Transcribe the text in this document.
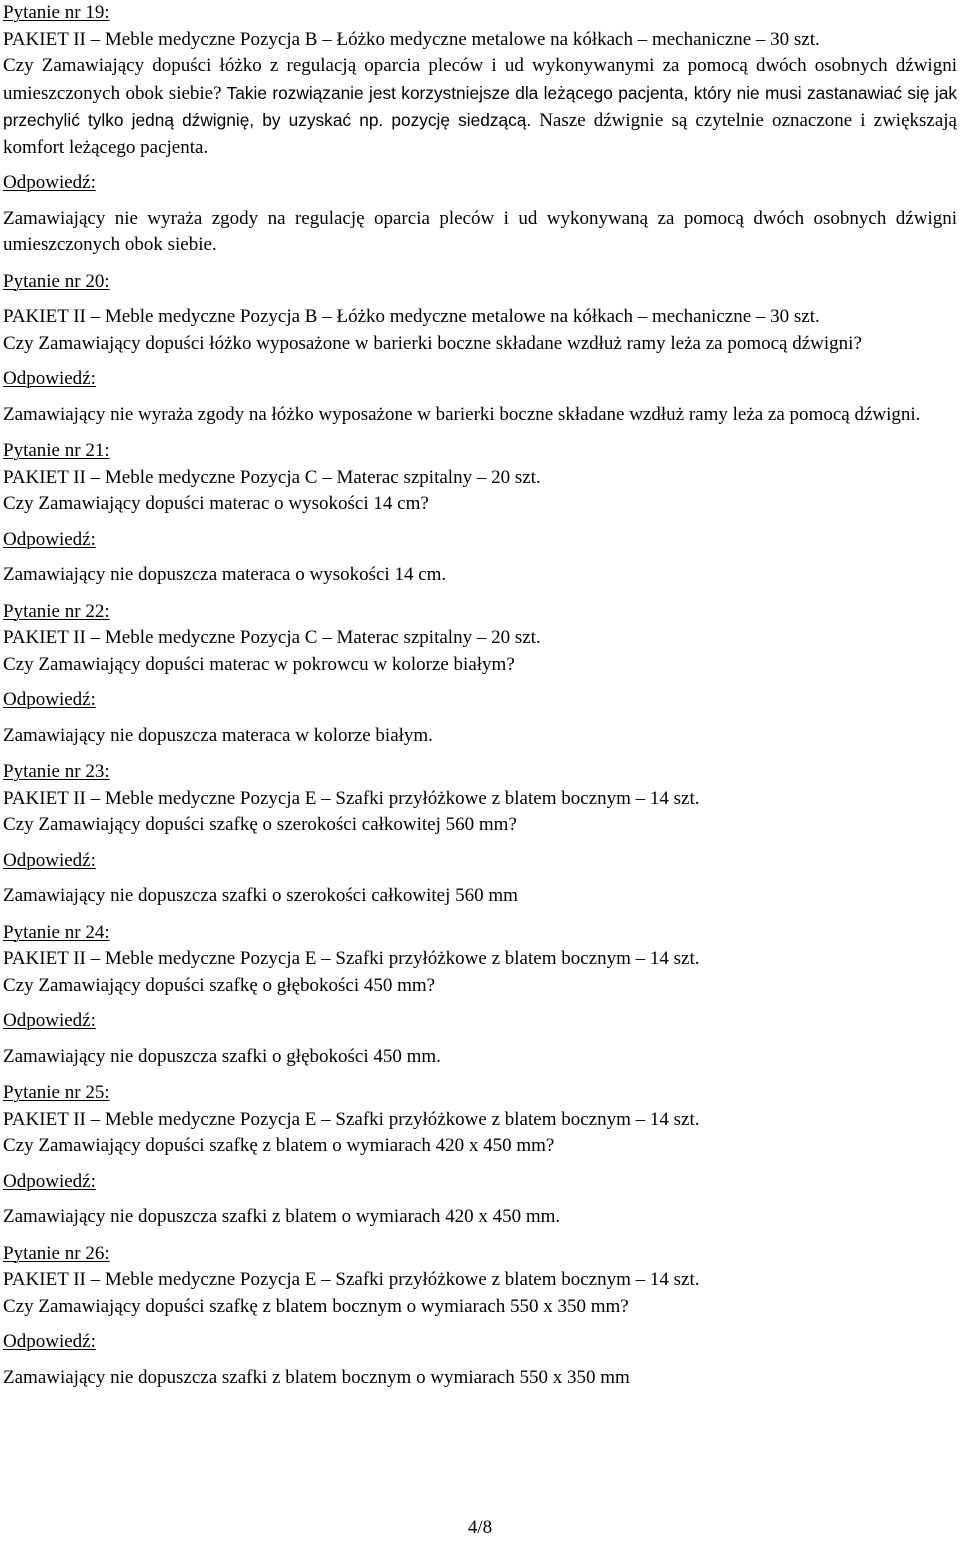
Pytanie nr 19:
PAKIET II – Meble medyczne Pozycja B – Łóżko medyczne metalowe na kółkach – mechaniczne – 30 szt.
Czy Zamawiający dopuści łóżko z regulacją oparcia pleców i ud wykonywanymi za pomocą dwóch osobnych dźwigni umieszczonych obok siebie? Takie rozwiązanie jest korzystniejsze dla leżącego pacjenta, który nie musi zastanawiać się jak przechylić tylko jedną dźwignię, by uzyskać np. pozycję siedzącą. Nasze dźwignie są czytelnie oznaczone i zwiększają komfort leżącego pacjenta.
Odpowiedź:
Zamawiający nie wyraża zgody na regulację oparcia pleców i ud wykonywaną za pomocą dwóch osobnych dźwigni umieszczonych obok siebie.
Pytanie nr 20:
PAKIET II – Meble medyczne Pozycja B – Łóżko medyczne metalowe na kółkach – mechaniczne – 30 szt.
Czy Zamawiający dopuści łóżko wyposażone w barierki boczne składane wzdłuż ramy leża za pomocą dźwigni?
Odpowiedź:
Zamawiający nie wyraża zgody na łóżko wyposażone w barierki boczne składane wzdłuż ramy leża za pomocą dźwigni.
Pytanie nr 21:
PAKIET II – Meble medyczne Pozycja C – Materac szpitalny – 20 szt.
Czy Zamawiający dopuści materac o wysokości 14 cm?
Odpowiedź:
Zamawiający nie dopuszcza materaca o wysokości 14 cm.
Pytanie nr 22:
PAKIET II – Meble medyczne Pozycja C – Materac szpitalny – 20 szt.
Czy Zamawiający dopuści materac w pokrowcu w kolorze białym?
Odpowiedź:
Zamawiający nie dopuszcza materaca w kolorze białym.
Pytanie nr 23:
PAKIET II – Meble medyczne Pozycja E – Szafki przyłóżkowe z blatem bocznym – 14 szt.
Czy Zamawiający dopuści szafkę o szerokości całkowitej 560 mm?
Odpowiedź:
Zamawiający nie dopuszcza szafki o szerokości całkowitej 560 mm
Pytanie nr 24:
PAKIET II – Meble medyczne Pozycja E – Szafki przyłóżkowe z blatem bocznym – 14 szt.
Czy Zamawiający dopuści szafkę o głębokości 450 mm?
Odpowiedź:
Zamawiający nie dopuszcza szafki o głębokości 450 mm.
Pytanie nr 25:
PAKIET II – Meble medyczne Pozycja E – Szafki przyłóżkowe z blatem bocznym – 14 szt.
Czy Zamawiający dopuści szafkę z blatem o wymiarach 420 x 450 mm?
Odpowiedź:
Zamawiający nie dopuszcza szafki z blatem o wymiarach 420 x 450 mm.
Pytanie nr 26:
PAKIET II – Meble medyczne Pozycja E – Szafki przyłóżkowe z blatem bocznym – 14 szt.
Czy Zamawiający dopuści szafkę z blatem bocznym o wymiarach 550 x 350 mm?
Odpowiedź:
Zamawiający nie dopuszcza szafki z blatem bocznym o wymiarach 550 x 350 mm
4/8
